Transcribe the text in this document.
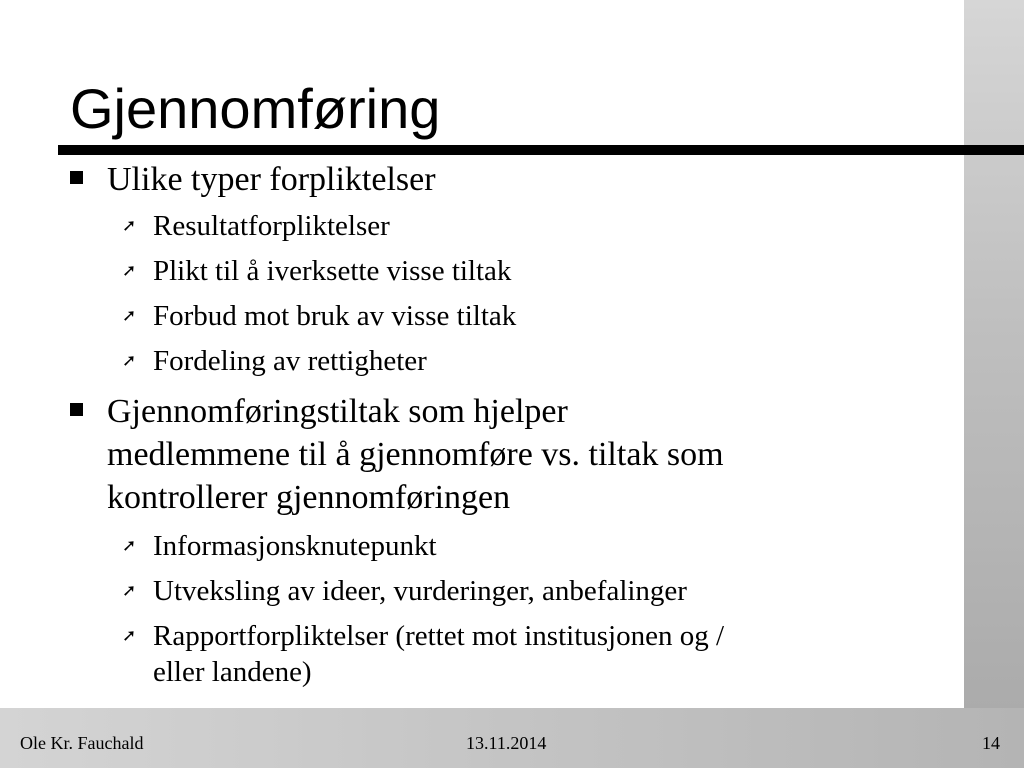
Gjennomføring
Ulike typer forpliktelser
➚ Resultatforpliktelser
➚ Plikt til å iverksette visse tiltak
➚ Forbud mot bruk av visse tiltak
➚ Fordeling av rettigheter
Gjennomføringstiltak som hjelper
medlemmene til å gjennomføre vs. tiltak som
kontrollerer gjennomføringen
➚ Informasjonsknutepunkt
➚ Utveksling av ideer, vurderinger, anbefalinger
➚ Rapportforpliktelser (rettet mot institusjonen og /
eller landene)
Ole Kr. Fauchald	13.11.2014	14
